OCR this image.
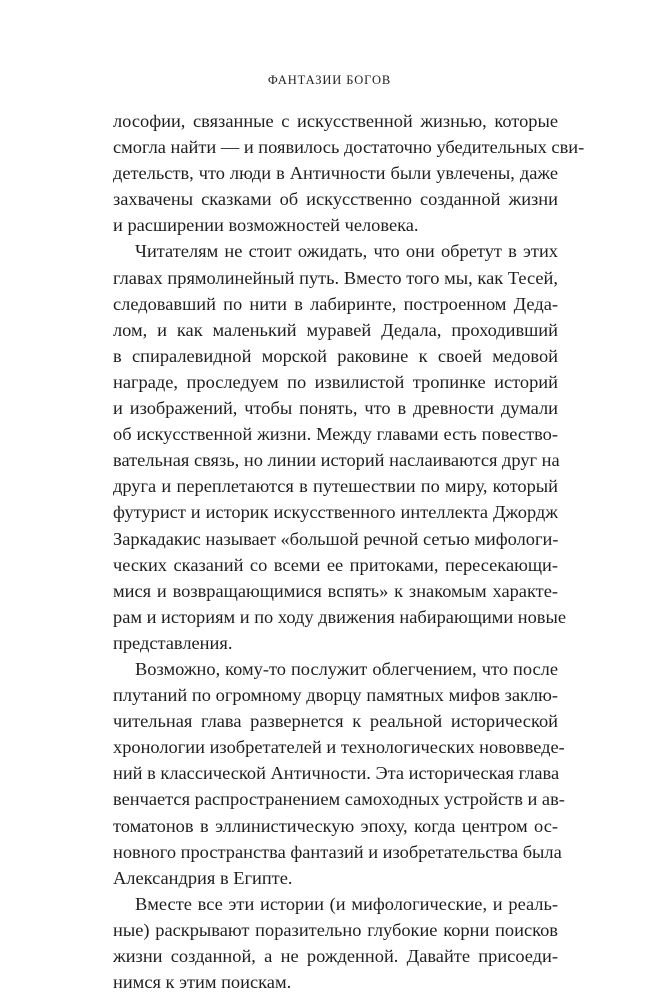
ФАНТАЗИИ БОГОВ

лософии, связанные с искусственной жизнью, которые
смогла найти — и появилось достаточно убедительных сви-
детельств, что люди в Античности были увлечены, даже
захвачены сказками об искусственно созданной жизни
и расширении возможностей человека.

Читателям не стоит ожидать, что они обретут в этих
главах прямолинейный путь. Вместо того мы, как Тесей,
следовавший по нити в лабиринте, построенном Деда-
лом, и как маленький муравей Дедала, проходивший
в спиралевидной морской раковине к своей медовой
награде, проследуем по извилистой тропинке историй
и изображений, чтобы понять, что в древности думали
об искусственной жизни. Между главами есть повество-
вательная связь, но линии историй наслаиваются друг на
друга и переплетаются в путешествии по миру, который
футурист и историк искусственного интеллекта Джордж
Заркадакис называет «большой речной сетью мифологи-
ческих сказаний со всеми ее притоками, пересекающи-
мися и возвращающимися вспять» к знакомым характе-
рам и историям и по ходу движения набирающими новые
представления.

Возможно, кому-то послужит облегчением, что после
плутаний по огромному дворцу памятных мифов заклю-
чительная глава развернется к реальной исторической
хронологии изобретателей и технологических нововведе-
ний в классической Античности. Эта историческая глава
венчается распространением самоходных устройств и ав-
томатонов в эллинистическую эпоху, когда центром ос-
новного пространства фантазий и изобретательства была
Александрия в Египте.

Вместе все эти истории (и мифологические, и реаль-
ные) раскрывают поразительно глубокие корни поисков
жизни созданной, а не рожденной. Давайте присоеди-
нимся к этим поискам.
